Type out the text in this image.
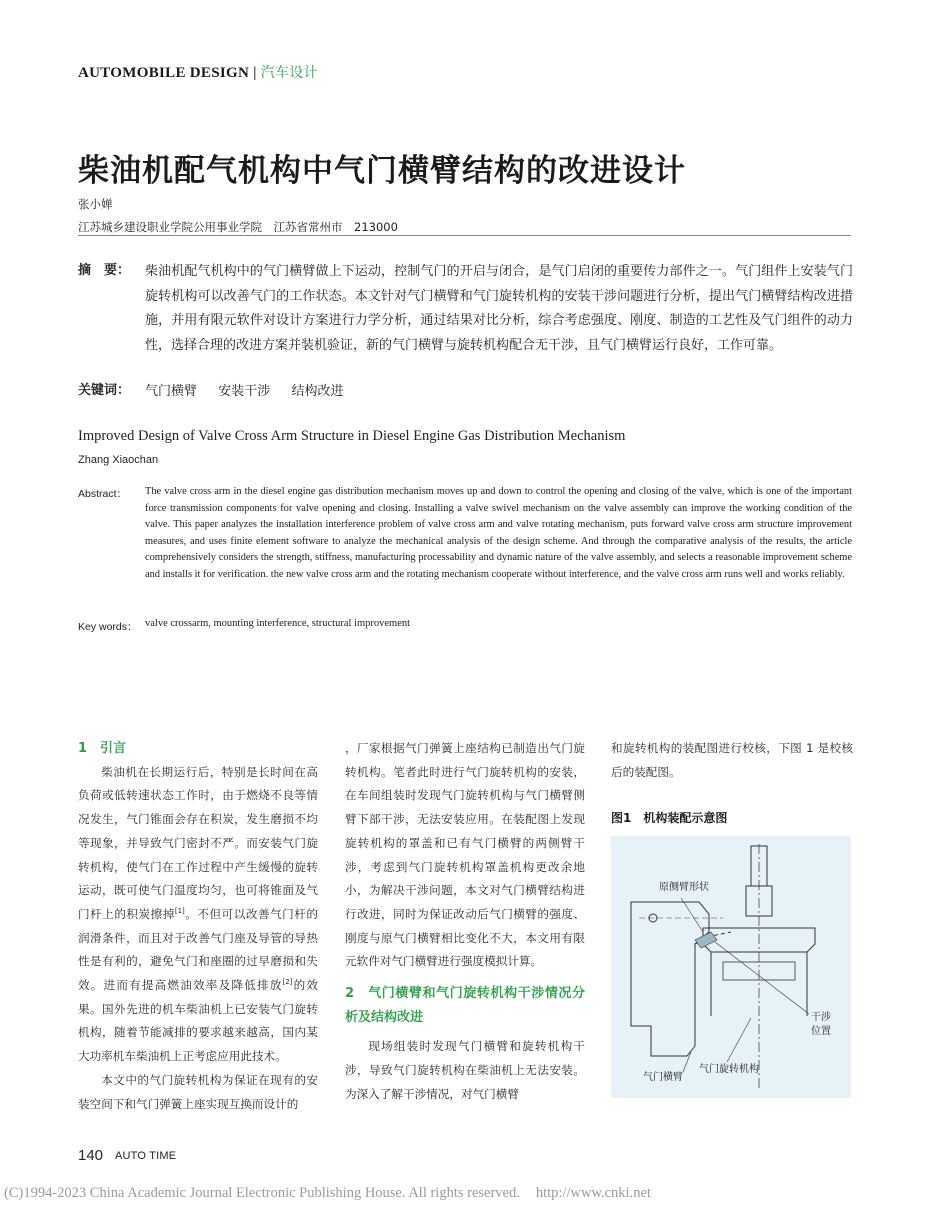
AUTOMOBILE DESIGN | 汽车设计
柴油机配气机构中气门横臂结构的改进设计
张小婵
江苏城乡建设职业学院公用事业学院　江苏省常州市　213000
摘　要： 柴油机配气机构中的气门横臂做上下运动，控制气门的开启与闭合，是气门启闭的重要传力部件之一。气门组件上安装气门旋转机构可以改善气门的工作状态。本文针对气门横臂和气门旋转机构的安装干涉问题进行分析，提出气门横臂结构改进措施，并用有限元软件对设计方案进行力学分析，通过结果对比分析，综合考虑强度、刚度、制造的工艺性及气门组件的动力性，选择合理的改进方案并装机验证，新的气门横臂与旋转机构配合无干涉，且气门横臂运行良好，工作可靠。
关键词： 气门横臂 安装干涉 结构改进
Improved Design of Valve Cross Arm Structure in Diesel Engine Gas Distribution Mechanism
Zhang Xiaochan
Abstract： The valve cross arm in the diesel engine gas distribution mechanism moves up and down to control the opening and closing of the valve, which is one of the important force transmission components for valve opening and closing. Installing a valve swivel mechanism on the valve assembly can improve the working condition of the valve. This paper analyzes the installation interference problem of valve cross arm and valve rotating mechanism, puts forward valve cross arm structure improvement measures, and uses finite element software to analyze the mechanical analysis of the design scheme. And through the comparative analysis of the results, the article comprehensively considers the strength, stiffness, manufacturing processability and dynamic nature of the valve assembly, and selects a reasonable improvement scheme and installs it for verification. the new valve cross arm and the rotating mechanism cooperate without interference, and the valve cross arm runs well and works reliably.
Key words： valve crossarm, mounting interference, structural improvement
1　引言

柴油机在长期运行后，特别是长时间在高负荷或低转速状态工作时，由于燃烧不良等情况发生，气门锥面会存在积炭，发生磨损不均等现象，并导致气门密封不严。而安装气门旋转机构，使气门在工作过程中产生缓慢的旋转运动，既可使气门温度均匀，也可将锥面及气门杆上的积炭擦掉[1]。不但可以改善气门杆的润滑条件，而且对于改善气门座及导管的导热性是有利的，避免气门和座圈的过早磨损和失效。进而有提高燃油效率及降低排放[2]的效果。国外先进的机车柴油机上已安装气门旋转机构，随着节能减排的要求越来越高，国内某大功率机车柴油机上正考虑应用此技术。

本文中的气门旋转机构为保证在现有的安装空间下和气门弹簧上座实现互换而设计的

，厂家根据气门弹簧上座结构已制造出气门旋转机构。笔者此时进行气门旋转机构的安装，在车间组装时发现气门旋转机构与气门横臂侧臂下部干涉，无法安装应用。在装配图上发现旋转机构的罩盖和已有气门横臂的两侧臂干涉，考虑到气门旋转机构罩盖机构更改余地小，为解决干涉问题，本文对气门横臂结构进行改进，同时为保证改动后气门横臂的强度、刚度与原气门横臂相比变化不大，本文用有限元软件对气门横臂进行强度模拟计算。

2　气门横臂和气门旋转机构干涉情况分析及结构改进

现场组装时发现气门横臂和旋转机构干涉，导致气门旋转机构在柴油机上无法安装。为深入了解干涉情况，对气门横臂

和旋转机构的装配图进行校核，下图 1 是校核后的装配图。

图1　机构装配示意图
原侧臂形状
干涉
位置
气门横臂
气门旋转机构
140 AUTO TIME
(C)1994-2023 China Academic Journal Electronic Publishing House. All rights reserved. http://www.cnki.net
